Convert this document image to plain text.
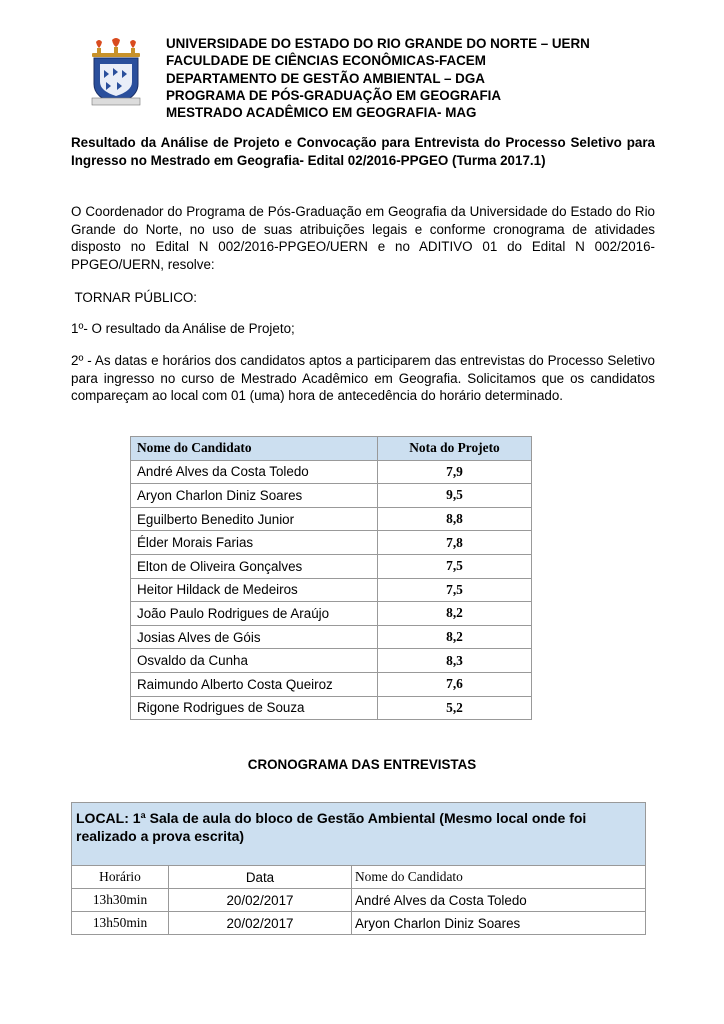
UNIVERSIDADE DO ESTADO DO RIO GRANDE DO NORTE – UERN
FACULDADE DE CIÊNCIAS ECONÔMICAS-FACEM
DEPARTAMENTO DE GESTÃO AMBIENTAL – DGA
PROGRAMA DE PÓS-GRADUAÇÃO EM GEOGRAFIA
MESTRADO ACADÊMICO EM GEOGRAFIA- MAG
Resultado da Análise de Projeto e Convocação para Entrevista do Processo Seletivo para Ingresso no Mestrado em Geografia- Edital 02/2016-PPGEO (Turma 2017.1)
O Coordenador do Programa de Pós-Graduação em Geografia da Universidade do Estado do Rio Grande do Norte, no uso de suas atribuições legais e conforme cronograma de atividades disposto no Edital N 002/2016-PPGEO/UERN e no ADITIVO 01 do Edital N 002/2016-PPGEO/UERN, resolve:
TORNAR PÚBLICO:
1º- O resultado da Análise de Projeto;
2º - As datas e horários dos candidatos aptos a participarem das entrevistas do Processo Seletivo para ingresso no curso de Mestrado Acadêmico em Geografia. Solicitamos que os candidatos compareçam ao local com 01 (uma) hora de antecedência do horário determinado.
Nome do Candidato	Nota do Projeto
André Alves da Costa Toledo	7,9
Aryon Charlon Diniz Soares	9,5
Eguilberto Benedito Junior	8,8
Élder Morais Farias	7,8
Elton de Oliveira Gonçalves	7,5
Heitor Hildack de Medeiros	7,5
João Paulo Rodrigues de Araújo	8,2
Josias Alves de Góis	8,2
Osvaldo da Cunha	8,3
Raimundo Alberto Costa Queiroz	7,6
Rigone Rodrigues de Souza	5,2
CRONOGRAMA DAS ENTREVISTAS
LOCAL: 1ª Sala de aula do bloco de Gestão Ambiental (Mesmo local onde foi realizado a prova escrita)		
Horário	Data	Nome do Candidato
13h30min	20/02/2017	André Alves da Costa Toledo
13h50min	20/02/2017	Aryon Charlon Diniz Soares
